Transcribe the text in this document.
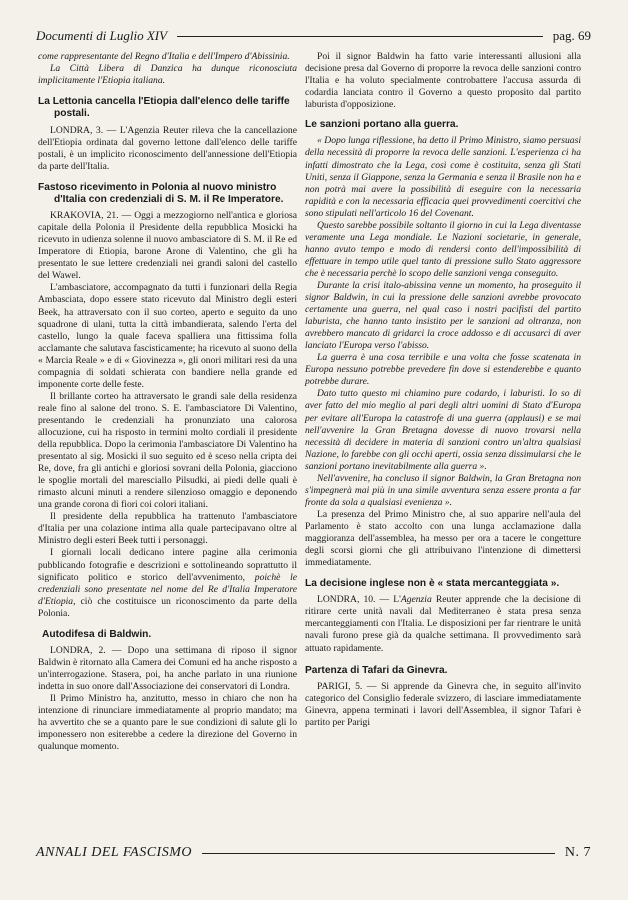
Documenti di Luglio XIV	pag. 69

come rappresentante del Regno d'Italia e dell'Impero d'Abissinia.

La Città Libera di Danzica ha dunque riconosciuta implicitamente l'Etiopia italiana.

La Lettonia cancella l'Etiopia dall'elenco delle tariffe postali.

LONDRA, 3. — L'Agenzia Reuter rileva che la cancellazione dell'Etiopia ordinata dal governo lettone dall'elenco delle tariffe postali, è un implicito riconoscimento dell'annessione dell'Etiopia da parte dell'Italia.

Fastoso ricevimento in Polonia al nuovo ministro d'Italia con credenziali di S. M. il Re Imperatore.

KRAKOVIA, 21. — Oggi a mezzogiorno nell'antica e gloriosa capitale della Polonia il Presidente della repubblica Mosicki ha ricevuto in udienza solenne il nuovo ambasciatore di S. M. il Re ed Imperatore di Etiopia, barone Arone di Valentino, che gli ha presentato le sue lettere credenziali nei grandi saloni del castello del Wawel.

L'ambasciatore, accompagnato da tutti i funzionari della Regia Ambasciata, dopo essere stato ricevuto dal Ministro degli esteri Beek, ha attraversato con il suo corteo, aperto e seguito da uno squadrone di ulani, tutta la città imbandierata, salendo l'erta del castello, lungo la quale faceva spalliera una fittissima folla acclamante che salutava fascisticamente; ha ricevuto al suono della « Marcia Reale » e di « Giovinezza », gli onori militari resi da una compagnia di soldati schierata con bandiere nella grande ed imponente corte delle feste.

Il brillante corteo ha attraversato le grandi sale della residenza reale fino al salone del trono. S. E. l'ambasciatore Di Valentino, presentando le credenziali ha pronunziato una calorosa allocuzione, cui ha risposto in termini molto cordiali il presidente della repubblica. Dopo la cerimonia l'ambasciatore Di Valentino ha presentato al sig. Mosicki il suo seguito ed è sceso nella cripta dei Re, dove, fra gli antichi e gloriosi sovrani della Polonia, giacciono le spoglie mortali del maresciallo Pilsudki, ai piedi delle quali è rimasto alcuni minuti a rendere silenzioso omaggio e deponendo una grande corona di fiori coi colori italiani.

Il presidente della repubblica ha trattenuto l'ambasciatore d'Italia per una colazione intima alla quale partecipavano oltre al Ministro degli esteri Beek tutti i personaggi.

I giornali locali dedicano intere pagine alla cerimonia pubblicando fotografie e descrizioni e sottolineando soprattutto il significato politico e storico dell'avvenimento, poichè le credenziali sono presentate nel nome del Re d'Italia Imperatore d'Etiopia, ciò che costituisce un riconoscimento da parte della Polonia.

Autodifesa di Baldwin.

LONDRA, 2. — Dopo una settimana di riposo il signor Baldwin è ritornato alla Camera dei Comuni ed ha anche risposto a un'interrogazione. Stasera, poi, ha anche parlato in una riunione indetta in suo onore dall'Associazione dei conservatori di Londra.

Il Primo Ministro ha, anzitutto, messo in chiaro che non ha intenzione di rinunciare immediatamente al proprio mandato; ma ha avvertito che se a quanto pare le sue condizioni di salute gli lo imponessero non esiterebbe a cedere la direzione del Governo in qualunque momento.

Poi il signor Baldwin ha fatto varie interessanti allusioni alla decisione presa dal Governo di proporre la revoca delle sanzioni contro l'Italia e ha voluto specialmente controbattere l'accusa assurda di codardia lanciata contro il Governo a questo proposito dal partito laburista d'opposizione.

Le sanzioni portano alla guerra.

« Dopo lunga riflessione, ha detto il Primo Ministro, siamo persuasi della necessità di proporre la revoca delle sanzioni. L'esperienza ci ha infatti dimostrato che la Lega, così come è costituita, senza gli Stati Uniti, senza il Giappone, senza la Germania e senza il Brasile non ha e non potrà mai avere la possibilità di eseguire con la necessaria rapidità e con la necessaria efficacia quei provvedimenti coercitivi che sono stipulati nell'articolo 16 del Covenant.

Questo sarebbe possibile soltanto il giorno in cui la Lega diventasse veramente una Lega mondiale. Le Nazioni societarie, in generale, hanno avuto tempo e modo di rendersi conto dell'impossibilità di effettuare in tempo utile quel tanto di pressione sullo Stato aggressore che è necessaria perchè lo scopo delle sanzioni venga conseguito.

Durante la crisi italo-abissina venne un momento, ha proseguito il signor Baldwin, in cui la pressione delle sanzioni avrebbe provocato certamente una guerra, nel qual caso i nostri pacifisti del partito laburista, che hanno tanto insistito per le sanzioni ad oltranza, non avrebbero mancato di gridarci la croce addosso e di accusarci di aver lanciato l'Europa verso l'abisso.

La guerra è una cosa terribile e una volta che fosse scatenata in Europa nessuno potrebbe prevedere fin dove si estenderebbe e quanto potrebbe durare.

Dato tutto questo mi chiamino pure codardo, i laburisti. Io so di aver fatto del mio meglio al pari degli altri uomini di Stato d'Europa per evitare all'Europa la catastrofe di una guerra (applausi) e se mai nell'avvenire la Gran Bretagna dovesse di nuovo trovarsi nella necessità di decidere in materia di sanzioni contro un'altra qualsiasi Nazione, lo farebbe con gli occhi aperti, ossia senza dissimularsi che le sanzioni portano inevitabilmente alla guerra ».

Nell'avvenire, ha concluso il signor Baldwin, la Gran Bretagna non s'impegnerà mai più in una simile avventura senza essere pronta a far fronte da sola a qualsiasi evenienza ».

La presenza del Primo Ministro che, al suo apparire nell'aula del Parlamento è stato accolto con una lunga acclamazione dalla maggioranza dell'assemblea, ha messo per ora a tacere le congetture degli scorsi giorni che gli attribuivano l'intenzione di dimettersi immediatamente.

La decisione inglese non è « stata mercanteggiata ».

LONDRA, 10. — L'Agenzia Reuter apprende che la decisione di ritirare certe unità navali dal Mediterraneo è stata presa senza mercanteggiamenti con l'Italia. Le disposizioni per far rientrare le unità navali furono prese già da qualche settimana. Il provvedimento sarà attuato rapidamente.

Partenza di Tafari da Ginevra.

PARIGI, 5. — Si apprende da Ginevra che, in seguito all'invito categorico del Consiglio federale svizzero, di lasciare immediatamente Ginevra, appena terminati i lavori dell'Assemblea, il signor Tafari è partito per Parigi

ANNALI DEL FASCISMO	N. 7
